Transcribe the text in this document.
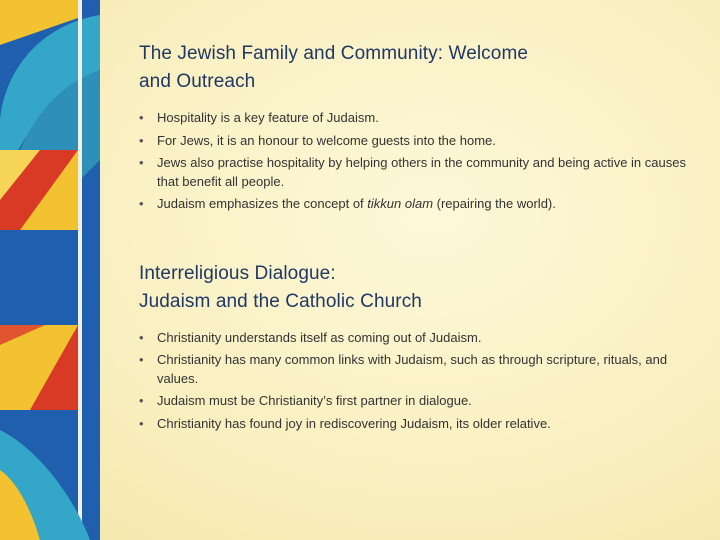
The Jewish Family and Community: Welcome
and Outreach
• Hospitality is a key feature of Judaism.
• For Jews, it is an honour to welcome guests into the home.
• Jews also practise hospitality by helping others in the community and being active in causes that benefit all people.
• Judaism emphasizes the concept of tikkun olam (repairing the world).
Interreligious Dialogue:
Judaism and the Catholic Church
• Christianity understands itself as coming out of Judaism.
• Christianity has many common links with Judaism, such as through scripture, rituals, and values.
• Judaism must be Christianity’s first partner in dialogue.
• Christianity has found joy in rediscovering Judaism, its older relative.
